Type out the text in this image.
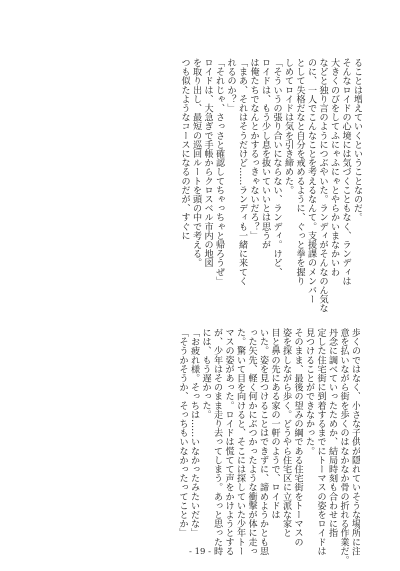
ることは増えていくということなのだ。
そんなロイドの心境には気づくこともなく、ランディは
大きくのびをしてふにゃふにゃとやらかいまなかいわ
などと独り言のようにつぶやいた。ランディがそんなのん気な
のに、一人でこんなことを考えるなんて。支援課のメンバー
として失格だなと自分を戒めるように、ぐっと拳を握り
しめてロイドは気を引き締めた。
「そういうの張り合いにならない、ランディ。けど、
ロイドは、もう少し息を抜いていいとは思うが
は俺たちでなんとかするっきゃないだろ？」
「まあ、それはそうだけど……ランディも一緒に来てく
れるのか？」
「それじゃ、さっさと確認してちゃっちゃと帰ろうぜ」
ロイドは、大急ぎで手帳からクロスベル市内の地図
を取り出し、最短の巡回ルートを頭の中で考える。
つも似たようなコースになるのだが、すぐに
歩くのではなく、小さな子供が隠れていそうな場所に注
意を払いながら街を歩くのはなかなか骨の折れる作業だ。
丹念に調べていったためか、結局時刻も合わせに指
定した住宅街に到着するまでにトーマスの姿をロイドは
見つけることができなかった。
そのまま、最後の望みの綱である住宅街をトーマスの
姿を探しながら歩く。どうやら住宅区に立派な家と
目と鼻の先にある家の一軒のようで、ロイドは
いた。姿を見つけることはできずに、諦めようかとも思
った矢先、軽く何かにぶつかったような衝撃が体に走っ
た。驚いて目を向けると、そこには探していた少年トー
マスの姿があった。ロイドは慌てて声をかけようとする
が、少年はそのまま走り去ってしまう。あっと思った時
には、もう遅かった。
「お疲れ様。そっちは……いなかったみたいだな」
「そうかそうか、そっちもいなかったってことか」
- 19 -
